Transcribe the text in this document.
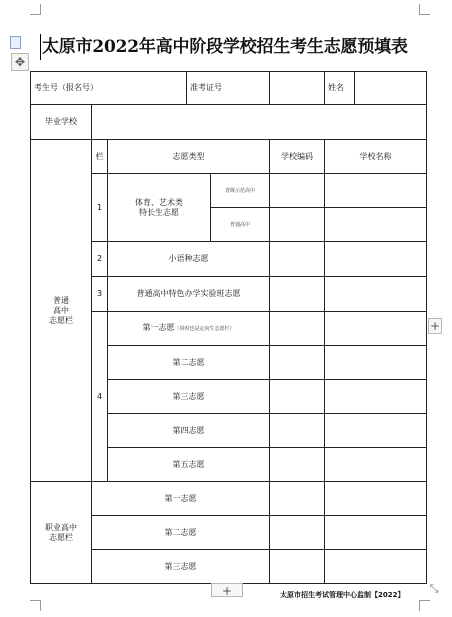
太原市2022年高中阶段学校招生考生志愿预填表
✥
考生号（报名号）			准考证号			姓名	
毕业学校							
普通
高中
志愿栏	栏	志愿类型			学校编码	学校名称	
	1	体育、艺术类
特长生志愿		省级示范高中			
				普通高中			
	2	小语种志愿					
	3	普通高中特色办学实验班志愿					
	4	第一志愿（同时也是定向生志愿栏）					
		第二志愿					
		第三志愿					
		第四志愿					
		第五志愿					
职业高中
志愿栏	第一志愿						
	第二志愿						
	第三志愿						
+
+	太原市招生考试管理中心监制【2022】 ⤡
